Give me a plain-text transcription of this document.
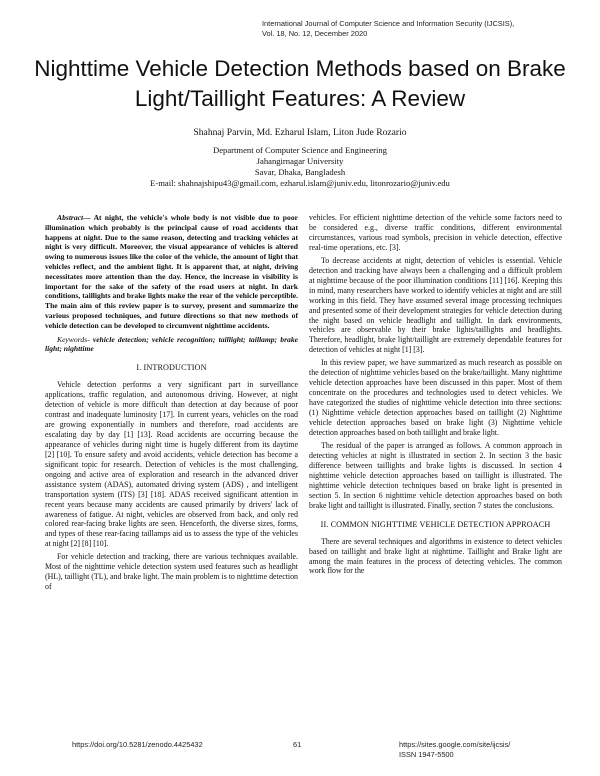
International Journal of Computer Science and Information Security (IJCSIS),
Vol. 18, No. 12, December 2020
Nighttime Vehicle Detection Methods based on Brake
Light/Taillight Features: A Review
Shahnaj Parvin, Md. Ezharul Islam, Liton Jude Rozario
Department of Computer Science and Engineering
Jahangirnagar University
Savar, Dhaka, Bangladesh
E-mail: shahnajshipu43@gmail.com, ezharul.islam@juniv.edu, litonrozario@juniv.edu

Abstract— At night, the vehicle's whole body is not visible due to poor illumination which probably is the principal cause of road accidents that happens at night. Due to the same reason, detecting and tracking vehicles at night is very difficult. Moreover, the visual appearance of vehicles is altered owing to numerous issues like the color of the vehicle, the amount of light that vehicles reflect, and the ambient light. It is apparent that, at night, driving necessitates more attention than the day. Hence, the increase in visibility is important for the sake of the safety of the road users at night. In dark conditions, taillights and brake lights make the rear of the vehicle perceptible. The main aim of this review paper is to survey, present and summarize the various proposed techniques, and future directions so that new methods of vehicle detection can be developed to circumvent nighttime accidents.

Keywords- vehicle detection; vehicle recognition; taillight; taillamp; brake light; nighttime

I. INTRODUCTION

Vehicle detection performs a very significant part in surveillance applications, traffic regulation, and autonomous driving. However, at night detection of vehicle is more difficult than detection at day because of poor contrast and inadequate luminosity [17]. In current years, vehicles on the road are growing exponentially in numbers and therefore, road accidents are escalating day by day [1] [13]. Road accidents are occurring because the appearance of vehicles during night time is hugely different from its daytime [2] [10]. To ensure safety and avoid accidents, vehicle detection has become a significant topic for research. Detection of vehicles is the most challenging, ongoing and active area of exploration and research in the advanced driver assistance system (ADAS), automated driving system (ADS) , and intelligent transportation system (ITS) [3] [18]. ADAS received significant attention in recent years because many accidents are caused primarily by drivers' lack of awareness of fatigue. At night, vehicles are observed from back, and only red colored rear-facing brake lights are seen. Henceforth, the diverse sizes, forms, and types of these rear-facing taillamps aid us to assess the type of the vehicles at night [2] [8] [10].

For vehicle detection and tracking, there are various techniques available. Most of the nighttime vehicle detection system used features such as headlight (HL), taillight (TL), and brake light. The main problem is to nighttime detection of

vehicles. For efficient nighttime detection of the vehicle some factors need to be considered e.g., diverse traffic conditions, different environmental circumstances, various road symbols, precision in vehicle detection, effective real-time operations, etc. [3].

To decrease accidents at night, detection of vehicles is essential. Vehicle detection and tracking have always been a challenging and a difficult problem at nighttime because of the poor illumination conditions [11] [16]. Keeping this in mind, many researchers have worked to identify vehicles at night and are still working in this field. They have assumed several image processing techniques and presented some of their development strategies for vehicle detection during the night based on vehicle headlight and taillight. In dark environments, vehicles are observable by their brake lights/taillights and headlights. Therefore, headlight, brake light/taillight are extremely dependable features for detection of vehicles at night [1] [3].

In this review paper, we have summarized as much research as possible on the detection of nighttime vehicles based on the brake/taillight. Many nighttime vehicle detection approaches have been discussed in this paper. Most of them concentrate on the procedures and technologies used to detect vehicles. We have categorized the studies of nighttime vehicle detection into three sections: (1) Nighttime vehicle detection approaches based on taillight (2) Nighttime vehicle detection approaches based on brake light (3) Nighttime vehicle detection approaches based on both taillight and brake light.

The residual of the paper is arranged as follows. A common approach in detecting vehicles at night is illustrated in section 2. In section 3 the basic difference between taillights and brake lights is discussed. In section 4 nighttime vehicle detection approaches based on taillight is illustrated. The nighttime vehicle detection techniques based on brake light is presented in section 5. In section 6 nighttime vehicle detection approaches based on both brake light and taillight is illustrated. Finally, section 7 states the conclusions.

II. COMMON NIGHTTIME VEHICLE DETECTION APPROACH

There are several techniques and algorithms in existence to detect vehicles based on taillight and brake light at nighttime. Taillight and Brake light are among the main features in the process of detecting vehicles. The common work flow for the

https://doi.org/10.5281/zenodo.4425432	61	https://sites.google.com/site/ijcsis/
ISSN 1947-5500
